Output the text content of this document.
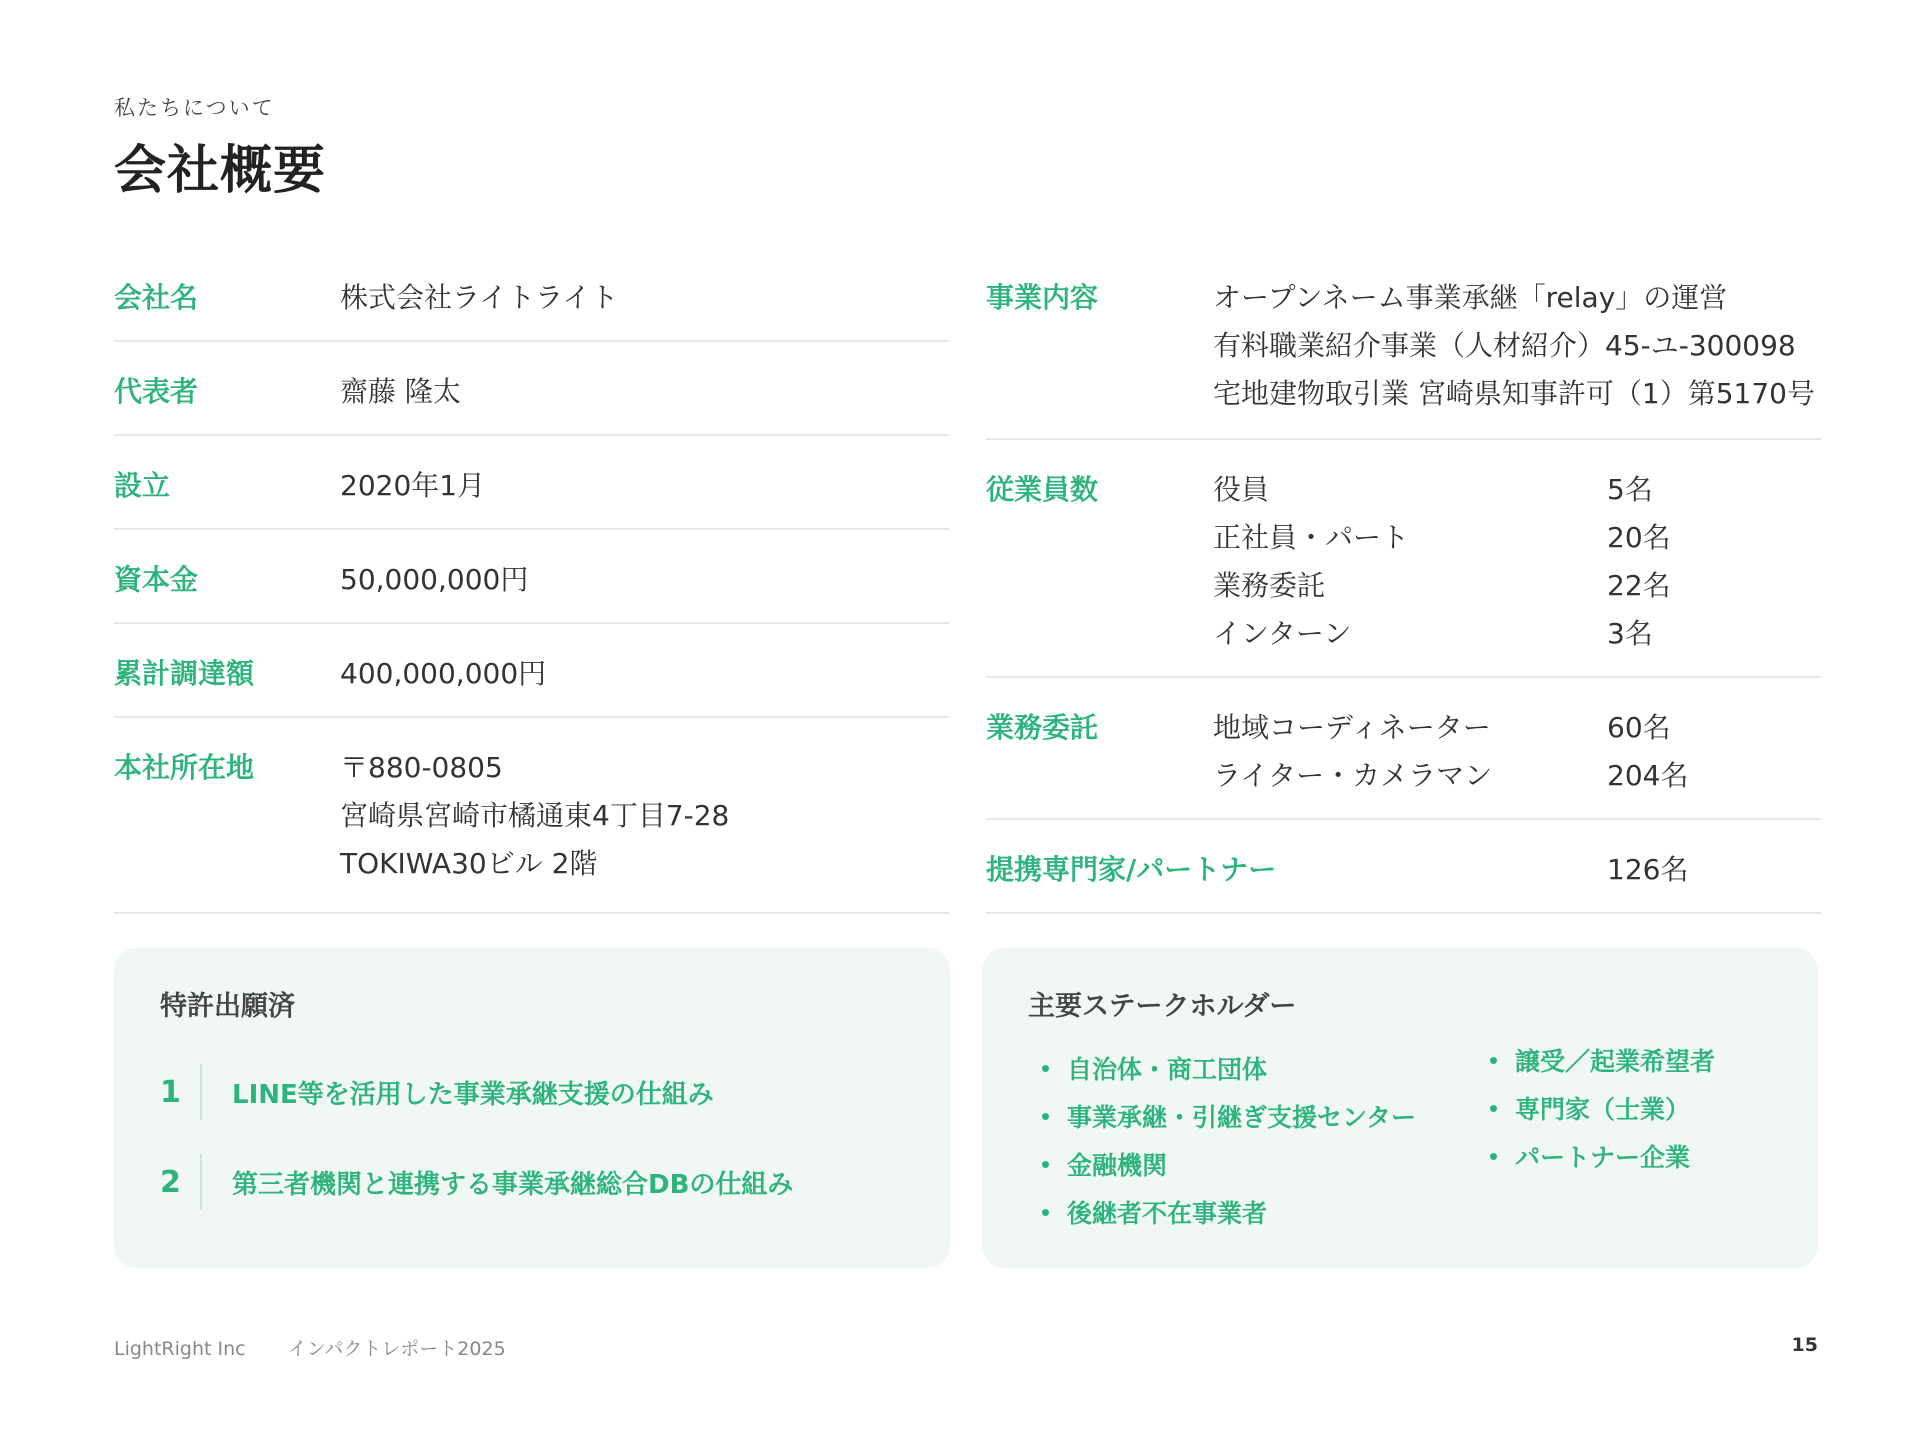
私たちについて
会社概要
会社名	株式会社ライトライト
代表者	齋藤 隆太
設立	2020年1月
資本金	50,000,000円
累計調達額	400,000,000円
本社所在地	〒880-0805
宮崎県宮崎市橘通東4丁目7-28
TOKIWA30ビル 2階
事業内容	オープンネーム事業承継「relay」の運営
有料職業紹介事業（人材紹介）45-ユ-300098
宅地建物取引業 宮崎県知事許可（1）第5170号
従業員数	役員	5名
正社員・パート	20名
業務委託	22名
インターン	3名
業務委託	地域コーディネーター	60名
ライター・カメラマン	204名
提携専門家/パートナー	126名
特許出願済
1	LINE等を活用した事業承継支援の仕組み
2	第三者機関と連携する事業承継総合DBの仕組み
主要ステークホルダー
自治体・商工団体
事業承継・引継ぎ支援センター
金融機関
後継者不在事業者
譲受／起業希望者
専門家（士業）
パートナー企業
LightRight Inc インパクトレポート2025	15
